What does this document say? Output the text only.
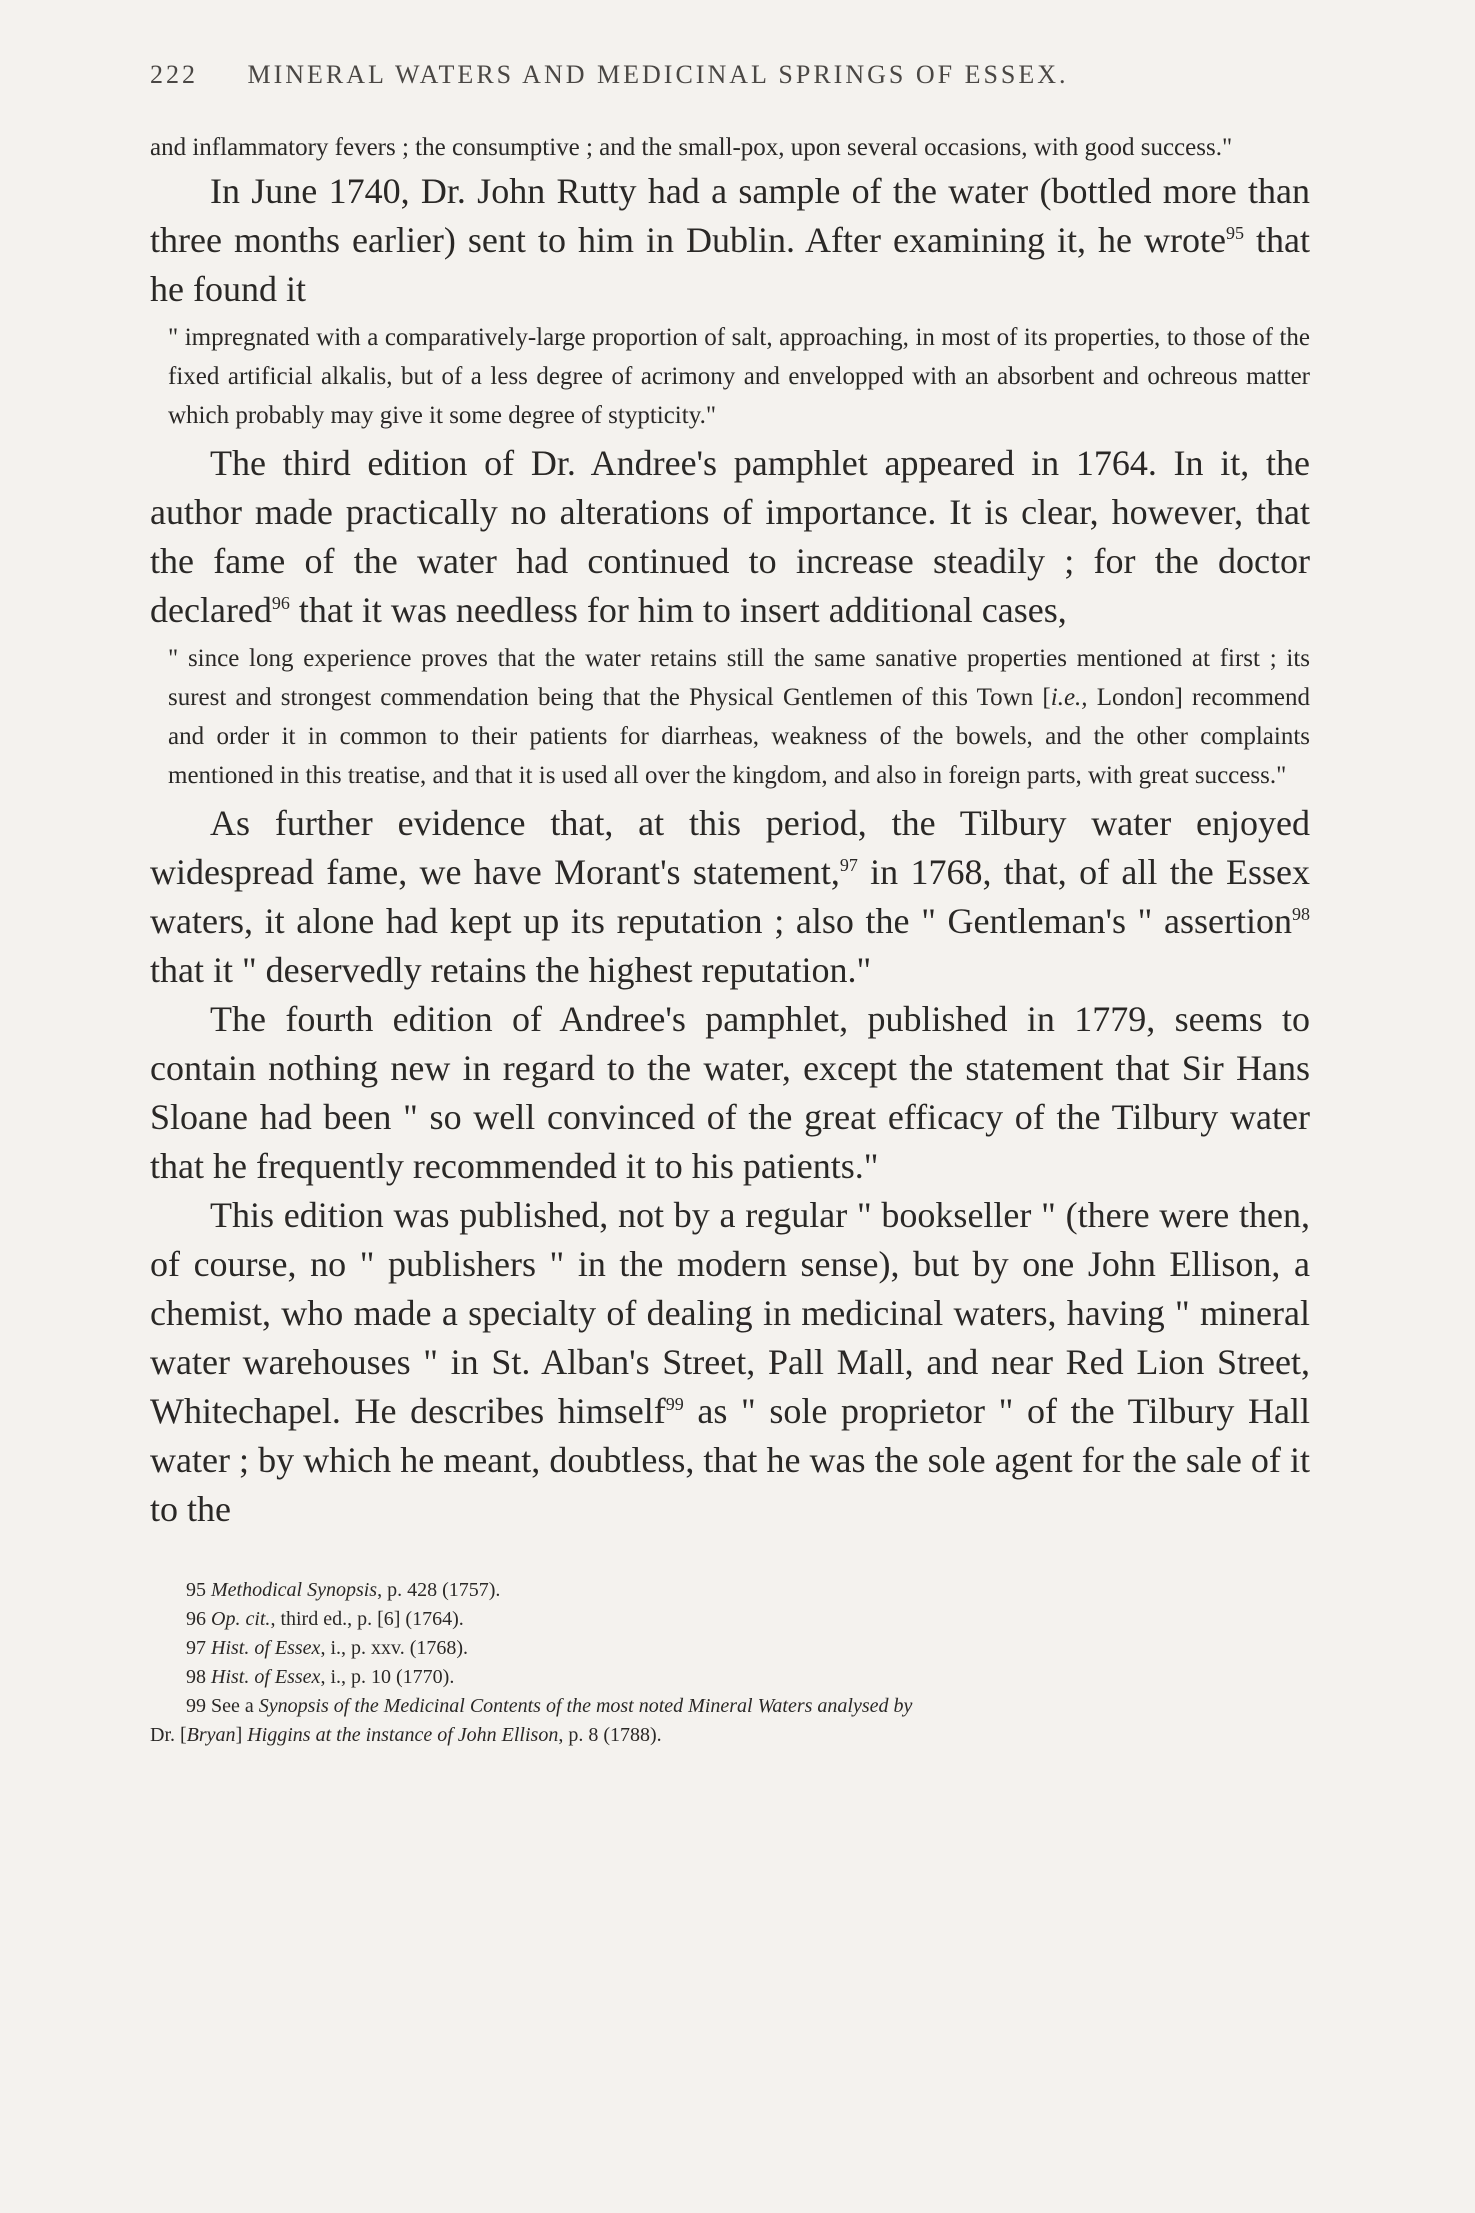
222 MINERAL WATERS AND MEDICINAL SPRINGS OF ESSEX.

and inflammatory fevers ; the consumptive ; and the small-pox, upon several occasions, with good success."

In June 1740, Dr. John Rutty had a sample of the water (bottled more than three months earlier) sent to him in Dublin. After examining it, he wrote$^{95}$ that he found it

" impregnated with a comparatively-large proportion of salt, approaching, in most of its properties, to those of the fixed artificial alkalis, but of a less degree of acrimony and envelopped with an absorbent and ochreous matter which probably may give it some degree of stypticity."

The third edition of Dr. Andree's pamphlet appeared in 1764. In it, the author made practically no alterations of importance. It is clear, however, that the fame of the water had continued to increase steadily ; for the doctor declared$^{96}$ that it was needless for him to insert additional cases,

" since long experience proves that the water retains still the same sanative properties mentioned at first ; its surest and strongest commendation being that the Physical Gentlemen of this Town [i.e., London] recommend and order it in common to their patients for diarrheas, weakness of the bowels, and the other complaints mentioned in this treatise, and that it is used all over the kingdom, and also in foreign parts, with great success."

As further evidence that, at this period, the Tilbury water enjoyed widespread fame, we have Morant's statement,$^{97}$ in 1768, that, of all the Essex waters, it alone had kept up its reputation ; also the " Gentleman's " assertion$^{98}$ that it " deservedly retains the highest reputation."

The fourth edition of Andree's pamphlet, published in 1779, seems to contain nothing new in regard to the water, except the statement that Sir Hans Sloane had been " so well convinced of the great efficacy of the Tilbury water that he frequently recommended it to his patients."

This edition was published, not by a regular " bookseller " (there were then, of course, no " publishers " in the modern sense), but by one John Ellison, a chemist, who made a specialty of dealing in medicinal waters, having " mineral water warehouses " in St. Alban's Street, Pall Mall, and near Red Lion Street, Whitechapel. He describes himself$^{99}$ as " sole proprietor " of the Tilbury Hall water ; by which he meant, doubtless, that he was the sole agent for the sale of it to the

95 Methodical Synopsis, p. 428 (1757).

96 Op. cit., third ed., p. [6] (1764).

97 Hist. of Essex, i., p. xxv. (1768).

98 Hist. of Essex, i., p. 10 (1770).

99 See a Synopsis of the Medicinal Contents of the most noted Mineral Waters analysed by
Dr. [Bryan] Higgins at the instance of John Ellison, p. 8 (1788).
